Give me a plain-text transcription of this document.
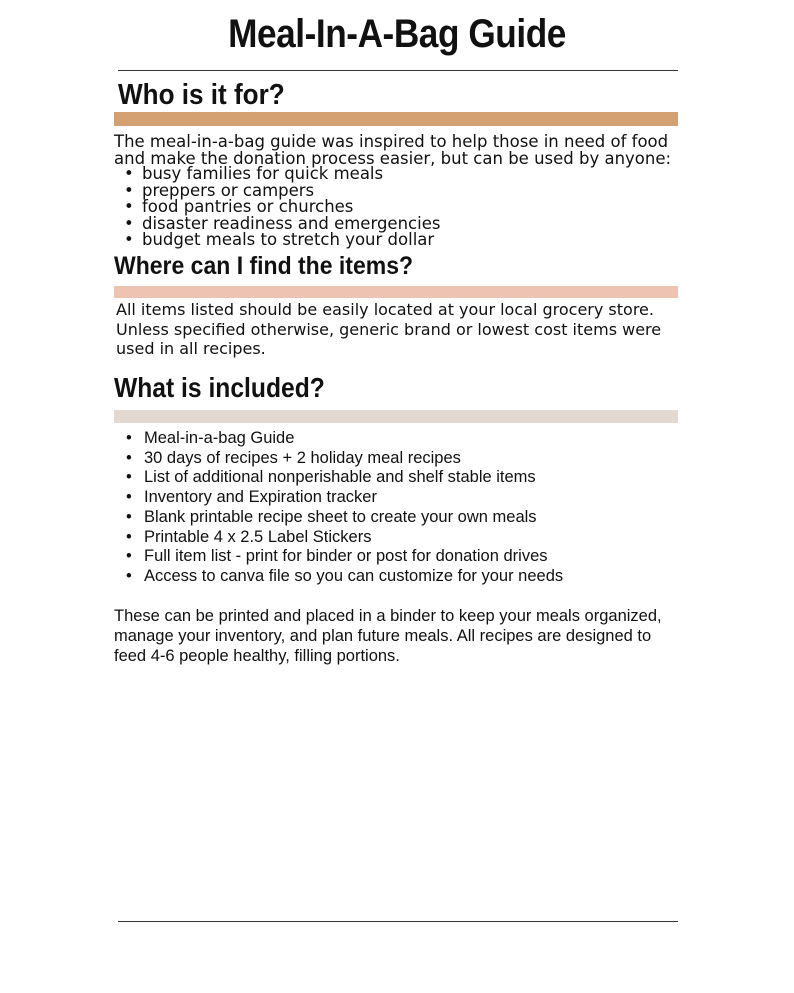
Meal-In-A-Bag Guide
Who is it for?

The meal-in-a-bag guide was inspired to help those in need of food and make the donation process easier, but can be used by anyone:

• busy families for quick meals
• preppers or campers
• food pantries or churches
• disaster readiness and emergencies
• budget meals to stretch your dollar
Where can I find the items?

All items listed should be easily located at your local grocery store. Unless specified otherwise, generic brand or lowest cost items were used in all recipes.

What is included?
• Meal-in-a-bag Guide
• 30 days of recipes + 2 holiday meal recipes
• List of additional nonperishable and shelf stable items
• Inventory and Expiration tracker
• Blank printable recipe sheet to create your own meals
• Printable 4 x 2.5 Label Stickers
• Full item list - print for binder or post for donation drives
• Access to canva file so you can customize for your needs

These can be printed and placed in a binder to keep your meals organized, manage your inventory, and plan future meals. All recipes are designed to feed 4-6 people healthy, filling portions.
